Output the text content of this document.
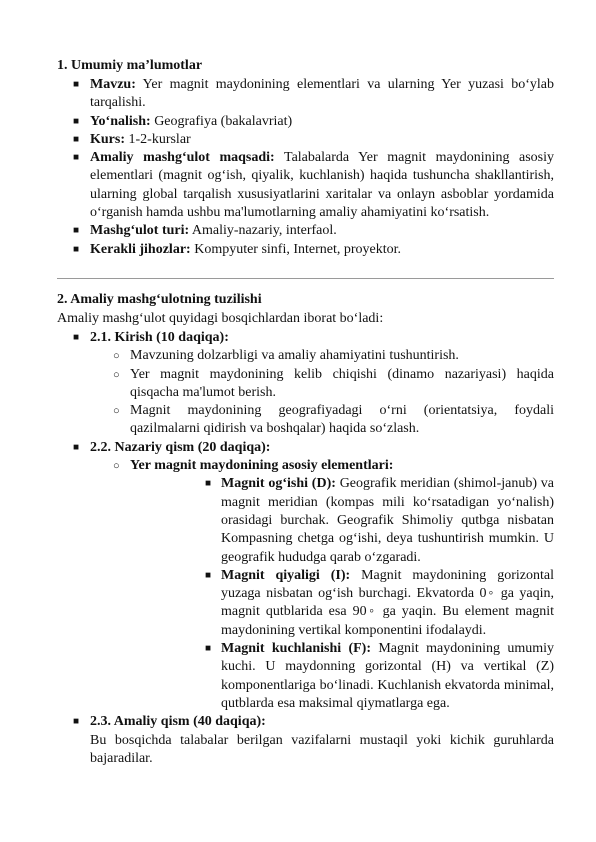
1. Umumiy ma’lumotlar

■ Mavzu: Yer magnit maydonining elementlari va ularning Yer yuzasi bo‘ylab tarqalishi.
■ Yo‘nalish: Geografiya (bakalavriat)
■ Kurs: 1-2-kurslar
■ Amaliy mashg‘ulot maqsadi: Talabalarda Yer magnit maydonining asosiy elementlari (magnit og‘ish, qiyalik, kuchlanish) haqida tushuncha shakllantirish, ularning global tarqalish xususiyatlarini xaritalar va onlayn asboblar yordamida o‘rganish hamda ushbu ma'lumotlarning amaliy ahamiyatini ko‘rsatish.
■ Mashg‘ulot turi: Amaliy-nazariy, interfaol.
■ Kerakli jihozlar: Kompyuter sinfi, Internet, proyektor.

2. Amaliy mashg‘ulotning tuzilishi

Amaliy mashg‘ulot quyidagi bosqichlardan iborat bo‘ladi:

■ 2.1. Kirish (10 daqiqa):
○ Mavzuning dolzarbligi va amaliy ahamiyatini tushuntirish.
○ Yer magnit maydonining kelib chiqishi (dinamo nazariyasi) haqida qisqacha ma'lumot berish.
○ Magnit maydonining geografiyadagi o‘rni (orientatsiya, foydali qazilmalarni qidirish va boshqalar) haqida so‘zlash.
■ 2.2. Nazariy qism (20 daqiqa):
○ Yer magnit maydonining asosiy elementlari:
■ Magnit og‘ishi (D): Geografik meridian (shimol-janub) va magnit meridian (kompas mili ko‘rsatadigan yo‘nalish) orasidagi burchak. Geografik Shimoliy qutbga nisbatan Kompasning chetga og‘ishi, deya tushuntirish mumkin. U geografik hududga qarab o‘zgaradi.
■ Magnit qiyaligi (I): Magnit maydonining gorizontal yuzaga nisbatan og‘ish burchagi. Ekvatorda 0◦ ga yaqin, magnit qutblarida esa 90◦ ga yaqin. Bu element magnit maydonining vertikal komponentini ifodalaydi.
■ Magnit kuchlanishi (F): Magnit maydonining umumiy kuchi. U maydonning gorizontal (H) va vertikal (Z) komponentlariga bo‘linadi. Kuchlanish ekvatorda minimal, qutblarda esa maksimal qiymatlarga ega.
■ 2.3. Amaliy qism (40 daqiqa):
Bu bosqichda talabalar berilgan vazifalarni mustaqil yoki kichik guruhlarda bajaradilar.
